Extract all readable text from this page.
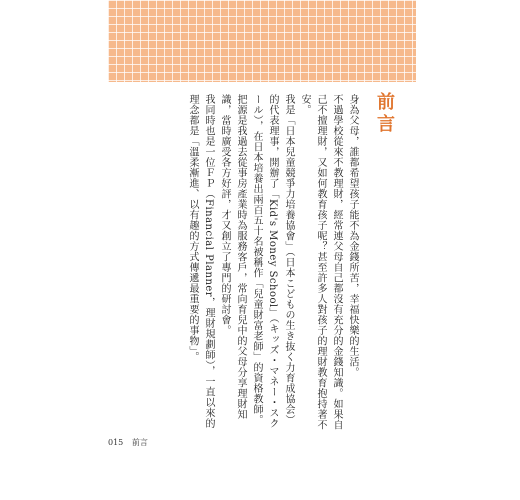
前言

身為父母，誰都希望孩子能不為金錢所苦，幸福快樂的生活。

不過學校從來不教理財，經常連父母自己都沒有充分的金錢知識。如果自己不擅理財，又如何教育孩子呢？甚至許多人對孩子的理財教育抱持著不安。

我是「日本兒童競爭力培養協會」（日本こどもの生き抜く力育成協会）的代表理事，開辦了「Kid's Money School」（キッズ・マネー・スクール），在日本培養出兩百五十名被稱作「兒童財富老師」的資格教師。把源是我過去從事房產業時為服務客戶，常向育兒中的父母分享理財知識，當時廣受各方好評，才又創立了專門的研討會。

我同時也是一位ＦＰ（Financial Planner，理財規劃師），一直以來的理念都是「溫柔漸進、以有趣的方式傳遞最重要的事物」。

015 前言
